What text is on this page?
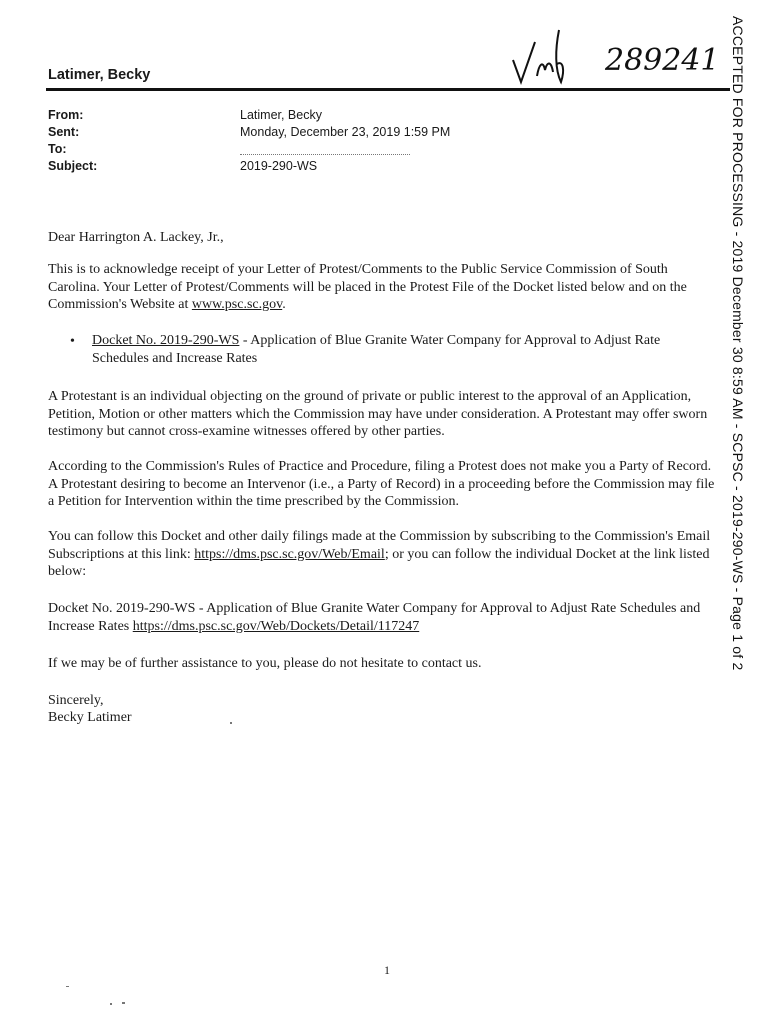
ACCEPTED FOR PROCESSING - 2019 December 30 8:59 AM - SCPSC - 2019-290-WS - Page 1 of 2
289241
Latimer, Becky
From:	Latimer, Becky
Sent:	Monday, December 23, 2019 1:59 PM
To:
Subject:	2019-290-WS
Dear Harrington A. Lackey, Jr.,
This is to acknowledge receipt of your Letter of Protest/Comments to the Public Service Commission of South Carolina. Your Letter of Protest/Comments will be placed in the Protest File of the Docket listed below and on the Commission's Website at www.psc.sc.gov.
• Docket No. 2019-290-WS - Application of Blue Granite Water Company for Approval to Adjust Rate Schedules and Increase Rates
A Protestant is an individual objecting on the ground of private or public interest to the approval of an Application, Petition, Motion or other matters which the Commission may have under consideration. A Protestant may offer sworn testimony but cannot cross-examine witnesses offered by other parties.
According to the Commission's Rules of Practice and Procedure, filing a Protest does not make you a Party of Record. A Protestant desiring to become an Intervenor (i.e., a Party of Record) in a proceeding before the Commission may file a Petition for Intervention within the time prescribed by the Commission.
You can follow this Docket and other daily filings made at the Commission by subscribing to the Commission's Email Subscriptions at this link: https://dms.psc.sc.gov/Web/Email; or you can follow the individual Docket at the link listed below:
Docket No. 2019-290-WS - Application of Blue Granite Water Company for Approval to Adjust Rate Schedules and Increase Rates https://dms.psc.sc.gov/Web/Dockets/Detail/117247
If we may be of further assistance to you, please do not hesitate to contact us.
Sincerely,
Becky Latimer
1
